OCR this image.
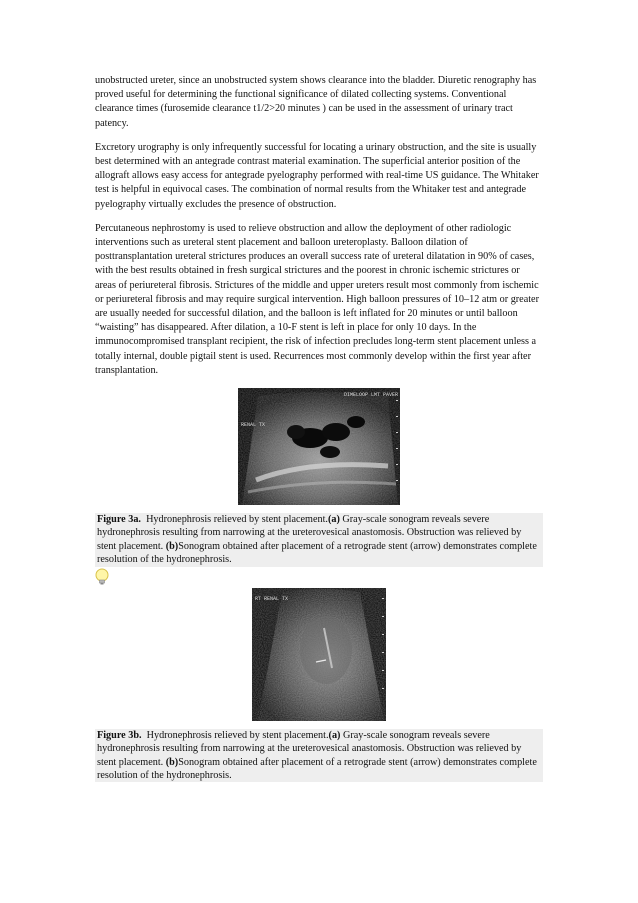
unobstructed ureter, since an unobstructed system shows clearance into the bladder. Diuretic renography has proved useful for determining the functional significance of dilated collecting systems. Conventional clearance times (furosemide clearance t1/2>20 minutes ) can be used in the assessment of urinary tract patency.

Excretory urography is only infrequently successful for locating a urinary obstruction, and the site is usually best determined with an antegrade contrast material examination. The superficial anterior position of the allograft allows easy access for antegrade pyelography performed with real-time US guidance. The Whitaker test is helpful in equivocal cases. The combination of normal results from the Whitaker test and antegrade pyelography virtually excludes the presence of obstruction.

Percutaneous nephrostomy is used to relieve obstruction and allow the deployment of other radiologic interventions such as ureteral stent placement and balloon ureteroplasty. Balloon dilation of posttransplantation ureteral strictures produces an overall success rate of ureteral dilatation in 90% of cases, with the best results obtained in fresh surgical strictures and the poorest in chronic ischemic strictures or areas of periureteral fibrosis. Strictures of the middle and upper ureters result most commonly from ischemic or periureteral fibrosis and may require surgical intervention. High balloon pressures of 10–12 atm or greater are usually needed for successful dilation, and the balloon is left inflated for 20 minutes or until balloon “waisting” has disappeared. After dilation, a 10-F stent is left in place for only 10 days. In the immunocompromised transplant recipient, the risk of infection precludes long-term stent placement unless a totally internal, double pigtail stent is used. Recurrences most commonly develop within the first year after transplantation.

DIMELOOP LMT PAVER
RENAL TX

Figure 3a. Hydronephrosis relieved by stent placement.(a) Gray-scale sonogram reveals severe hydronephrosis resulting from narrowing at the ureterovesical anastomosis. Obstruction was relieved by stent placement. (b)Sonogram obtained after placement of a retrograde stent (arrow) demonstrates complete resolution of the hydronephrosis.

RT RENAL TX

Figure 3b. Hydronephrosis relieved by stent placement.(a) Gray-scale sonogram reveals severe hydronephrosis resulting from narrowing at the ureterovesical anastomosis. Obstruction was relieved by stent placement. (b)Sonogram obtained after placement of a retrograde stent (arrow) demonstrates complete resolution of the hydronephrosis.
